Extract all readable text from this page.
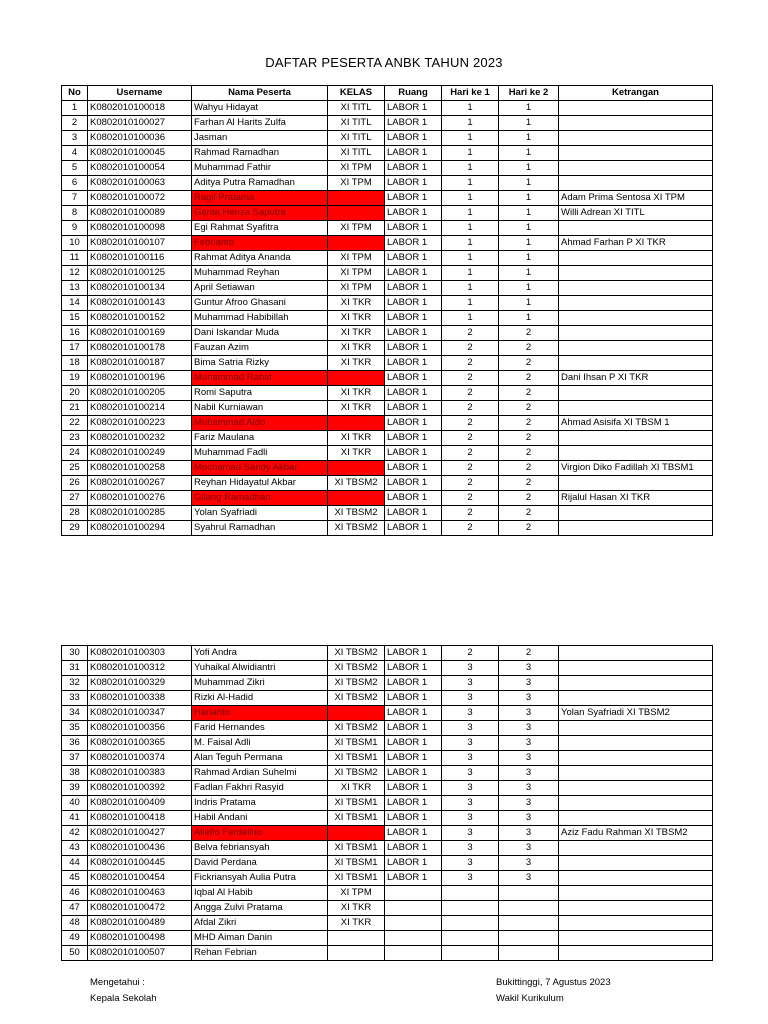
DAFTAR PESERTA ANBK TAHUN 2023
No	Username	Nama Peserta	KELAS	Ruang	Hari ke 1	Hari ke 2	Ketrangan
1	K0802010100018	Wahyu Hidayat	XI TITL	LABOR 1	1	1	
2	K0802010100027	Farhan Al Harits Zulfa	XI TITL	LABOR 1	1	1	
3	K0802010100036	Jasman	XI TITL	LABOR 1	1	1	
4	K0802010100045	Rahmad Ramadhan	XI TITL	LABOR 1	1	1	
5	K0802010100054	Muhammad Fathir	XI TPM	LABOR 1	1	1	
6	K0802010100063	Aditya Putra Ramadhan	XI TPM	LABOR 1	1	1	
7	K0802010100072	Ragil Pratama		LABOR 1	1	1	Adam Prima Sentosa XI TPM
8	K0802010100089	Genta Henza Saputra		LABOR 1	1	1	Willi Adrean XI TITL
9	K0802010100098	Egi Rahmat Syafitra	XI TPM	LABOR 1	1	1	
10	K0802010100107	Febrianto		LABOR 1	1	1	Ahmad Farhan P XI TKR
11	K0802010100116	Rahmat Aditya Ananda	XI TPM	LABOR 1	1	1	
12	K0802010100125	Muhammad Reyhan	XI TPM	LABOR 1	1	1	
13	K0802010100134	April Setiawan	XI TPM	LABOR 1	1	1	
14	K0802010100143	Guntur Afroo Ghasani	XI TKR	LABOR 1	1	1	
15	K0802010100152	Muhammad Habibillah	XI TKR	LABOR 1	1	1	
16	K0802010100169	Dani Iskandar Muda	XI TKR	LABOR 1	2	2	
17	K0802010100178	Fauzan Azim	XI TKR	LABOR 1	2	2	
18	K0802010100187	Bima Satria Rizky	XI TKR	LABOR 1	2	2	
19	K0802010100196	Muhammad Rahid		LABOR 1	2	2	Dani Ihsan P XI TKR
20	K0802010100205	Romi Saputra	XI TKR	LABOR 1	2	2	
21	K0802010100214	Nabil Kurniawan	XI TKR	LABOR 1	2	2	
22	K0802010100223	Muhammad Aldo		LABOR 1	2	2	Ahmad Asisifa XI TBSM 1
23	K0802010100232	Fariz Maulana	XI TKR	LABOR 1	2	2	
24	K0802010100249	Muhammad Fadli	XI TKR	LABOR 1	2	2	
25	K0802010100258	Mochamad Sandy Akbar		LABOR 1	2	2	Virgion Diko Fadillah XI TBSM1
26	K0802010100267	Reyhan Hidayatul Akbar	XI TBSM2	LABOR 1	2	2	
27	K0802010100276	Gilang Ramadhan		LABOR 1	2	2	Rijalul Hasan XI TKR
28	K0802010100285	Yolan Syafriadi	XI TBSM2	LABOR 1	2	2	
29	K0802010100294	Syahrul Ramadhan	XI TBSM2	LABOR 1	2	2	
30	K0802010100303	Yofi Andra	XI TBSM2	LABOR 1	2	2	
31	K0802010100312	Yuhaikal Alwidiantri	XI TBSM2	LABOR 1	3	3	
32	K0802010100329	Muhammad Zikri	XI TBSM2	LABOR 1	3	3	
33	K0802010100338	Rizki Al-Hadid	XI TBSM2	LABOR 1	3	3	
34	K0802010100347	Harianto		LABOR 1	3	3	Yolan Syafriadi XI TBSM2
35	K0802010100356	Farid Hernandes	XI TBSM2	LABOR 1	3	3	
36	K0802010100365	M. Faisal Adli	XI TBSM1	LABOR 1	3	3	
37	K0802010100374	Alan Teguh Permana	XI TBSM1	LABOR 1	3	3	
38	K0802010100383	Rahmad Ardian Suhelmi	XI TBSM2	LABOR 1	3	3	
39	K0802010100392	Fadlan Fakhri Rasyid	XI TKR	LABOR 1	3	3	
40	K0802010100409	Indris Pratama	XI TBSM1	LABOR 1	3	3	
41	K0802010100418	Habil Andani	XI TBSM1	LABOR 1	3	3	
42	K0802010100427	Aliefio Ferdelino		LABOR 1	3	3	Aziz Fadu Rahman XI TBSM2
43	K0802010100436	Belva febriansyah	XI TBSM1	LABOR 1	3	3	
44	K0802010100445	David Perdana	XI TBSM1	LABOR 1	3	3	
45	K0802010100454	Fickriansyah Aulia Putra	XI TBSM1	LABOR 1	3	3	
46	K0802010100463	Iqbal Al Habib	XI TPM				
47	K0802010100472	Angga Zulvi Pratama	XI TKR				
48	K0802010100489	Afdal Zikri	XI TKR				
49	K0802010100498	MHD Aiman Danin					
50	K0802010100507	Rehan Febrian					
Mengetahui :
Kepala Sekolah
Bukittinggi, 7 Agustus 2023
Wakil Kurikulum
